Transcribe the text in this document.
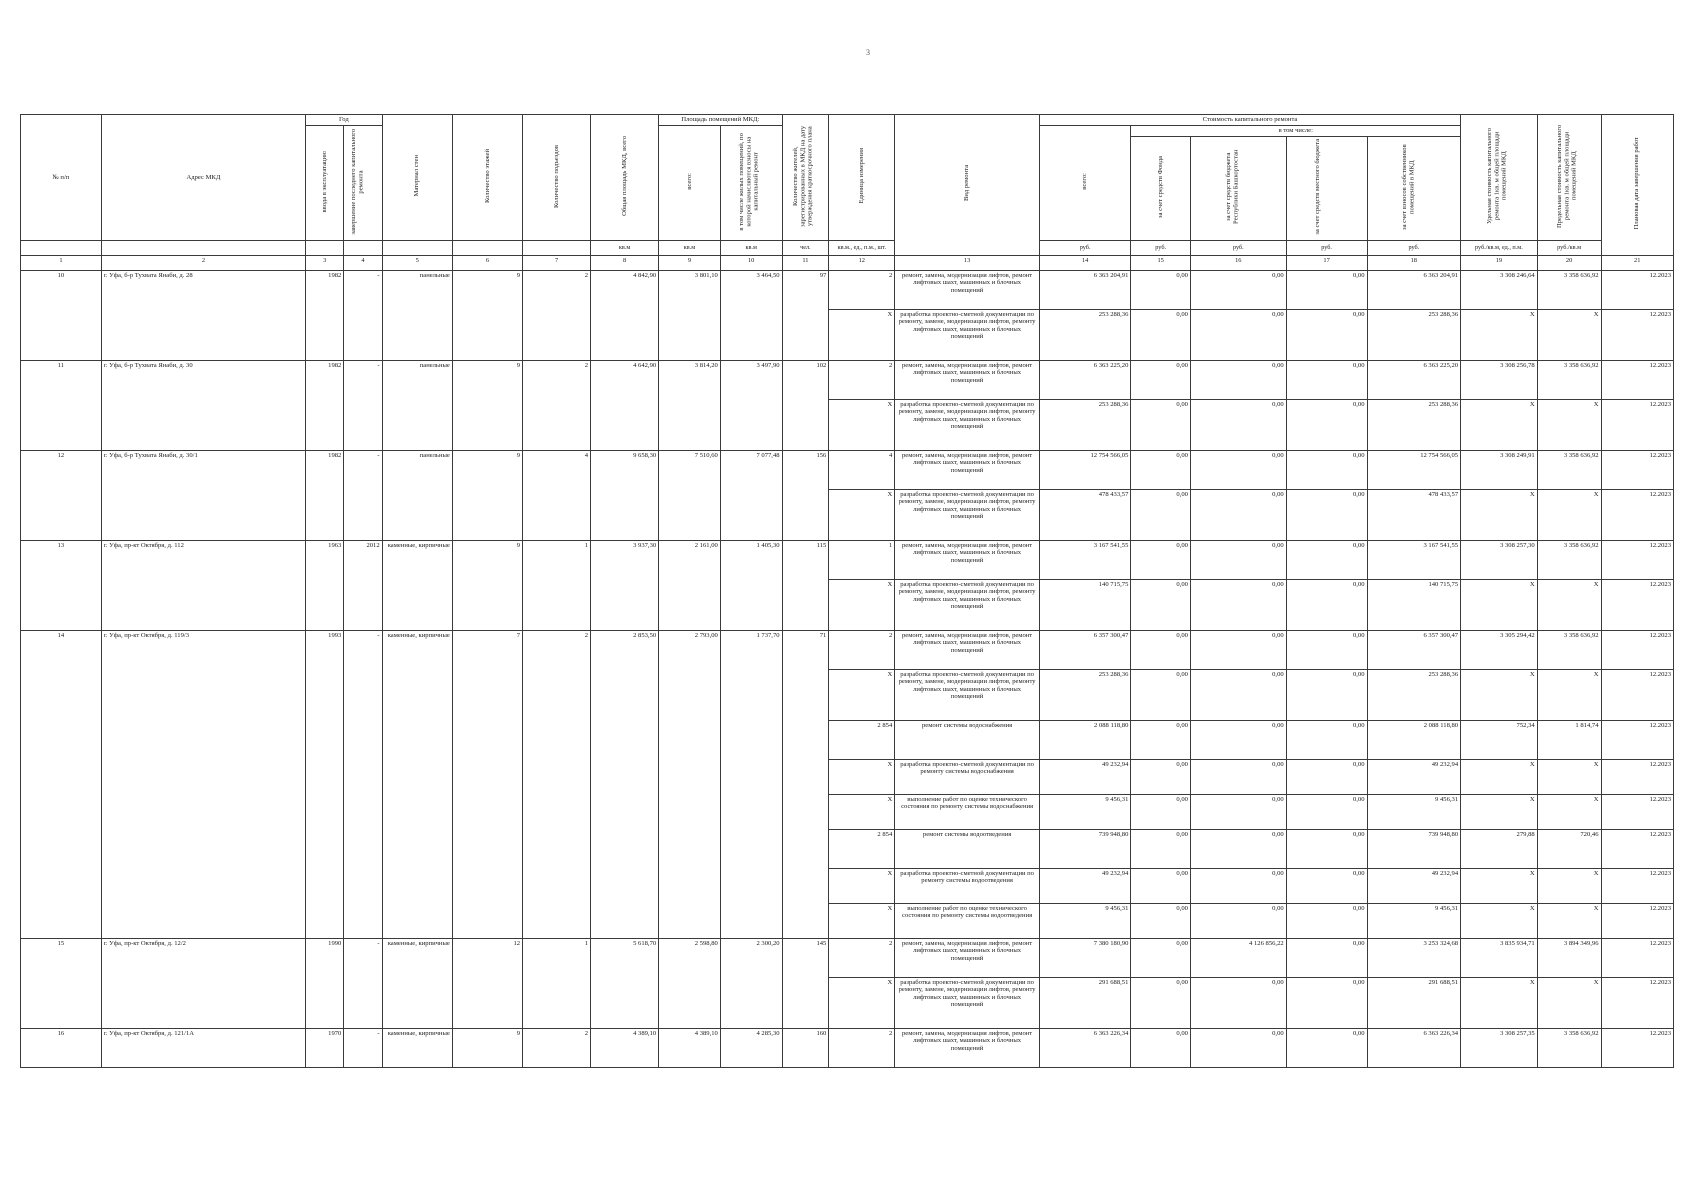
3
№ п/п	Адрес МКД	Год		Материал стен	Количество этажей	Количество подъездов	Общая площадь МКД, всего	Площадь помещений МКД:		Количество жителей, зарегистрированных в МКД на дату утверждения краткосрочного плана	Единица измерения	Вид ремонта	Стоимость капитального ремонта					Удельная стоимость капитального ремонта 1кв. м общей площади помещений МКД	Предельная стоимость капитального ремонта 1кв. м общей площади помещений МКД	Плановая дата завершения работ
		ввода в эксплуатацию	завершение последнего капитального ремонта					всего:	в том числе жилых помещений, по которой начисляются взносы на капитальный ремонт				всего:	в том числе:						
														за счет средств Фонда	за счет средств бюджета Республики Башкортостан	за счет средств местного бюджета	за счет взносов собственников помещений в МКД			
							кв.м	кв.м	кв.м	чел.	кв.м., ед., п.м., шт.		руб.	руб.	руб.	руб.	руб.	руб./кв.м, ед., п.м.	руб./кв.м	
1	2	3	4	5	6	7	8	9	10	11	12	13	14	15	16	17	18	19	20	21
10	г. Уфа, б-р Тухвата Янаби, д. 28	1982	-	панельные	9	2	4 842,90	3 801,10	3 464,50	97	2	ремонт, замена, модернизация лифтов, ремонт лифтовых шахт, машинных и блочных помещений	6 363 204,91	0,00	0,00	0,00	6 363 204,91	3 308 246,64	3 358 636,92	12.2023
											X	разработка проектно-сметной документации по ремонту, замене, модернизации лифтов, ремонту лифтовых шахт, машинных и блочных помещений	253 288,36	0,00	0,00	0,00	253 288,36	X	X	12.2023
11	г. Уфа, б-р Тухвата Янаби, д. 30	1982	-	панельные	9	2	4 642,90	3 814,20	3 497,90	102	2	ремонт, замена, модернизация лифтов, ремонт лифтовых шахт, машинных и блочных помещений	6 363 225,20	0,00	0,00	0,00	6 363 225,20	3 308 256,78	3 358 636,92	12.2023
											X	разработка проектно-сметной документации по ремонту, замене, модернизации лифтов, ремонту лифтовых шахт, машинных и блочных помещений	253 288,36	0,00	0,00	0,00	253 288,36	X	X	12.2023
12	г. Уфа, б-р Тухвата Янаби, д. 30/1	1982	-	панельные	9	4	9 658,30	7 510,60	7 077,48	156	4	ремонт, замена, модернизация лифтов, ремонт лифтовых шахт, машинных и блочных помещений	12 754 566,05	0,00	0,00	0,00	12 754 566,05	3 308 249,91	3 358 636,92	12.2023
											X	разработка проектно-сметной документации по ремонту, замене, модернизации лифтов, ремонту лифтовых шахт, машинных и блочных помещений	478 433,57	0,00	0,00	0,00	478 433,57	X	X	12.2023
13	г. Уфа, пр-кт Октября, д. 112	1963	2012	каменные, кирпичные	9	1	3 937,30	2 161,00	1 405,30	115	1	ремонт, замена, модернизация лифтов, ремонт лифтовых шахт, машинных и блочных помещений	3 167 541,55	0,00	0,00	0,00	3 167 541,55	3 308 257,30	3 358 636,92	12.2023
											X	разработка проектно-сметной документации по ремонту, замене, модернизации лифтов, ремонту лифтовых шахт, машинных и блочных помещений	140 715,75	0,00	0,00	0,00	140 715,75	X	X	12.2023
14	г. Уфа, пр-кт Октября, д. 119/3	1993	-	каменные, кирпичные	7	2	2 853,50	2 793,00	1 737,70	71	2	ремонт, замена, модернизация лифтов, ремонт лифтовых шахт, машинных и блочных помещений	6 357 300,47	0,00	0,00	0,00	6 357 300,47	3 305 294,42	3 358 636,92	12.2023
											X	разработка проектно-сметной документации по ремонту, замене, модернизации лифтов, ремонту лифтовых шахт, машинных и блочных помещений	253 288,36	0,00	0,00	0,00	253 288,36	X	X	12.2023
											2 854	ремонт системы водоснабжения	2 088 118,80	0,00	0,00	0,00	2 088 118,80	752,34	1 814,74	12.2023
											X	разработка проектно-сметной документации по ремонту системы водоснабжения	49 232,94	0,00	0,00	0,00	49 232,94	X	X	12.2023
											X	выполнение работ по оценке технического состояния по ремонту системы водоснабжения	9 456,31	0,00	0,00	0,00	9 456,31	X	X	12.2023
											2 854	ремонт системы водоотведения	739 948,80	0,00	0,00	0,00	739 948,80	279,88	720,46	12.2023
											X	разработка проектно-сметной документации по ремонту системы водоотведения	49 232,94	0,00	0,00	0,00	49 232,94	X	X	12.2023
											X	выполнение работ по оценке технического состояния по ремонту системы водоотведения	9 456,31	0,00	0,00	0,00	9 456,31	X	X	12.2023
15	г. Уфа, пр-кт Октября, д. 12/2	1990	-	каменные, кирпичные	12	1	5 618,70	2 598,80	2 300,20	145	2	ремонт, замена, модернизация лифтов, ремонт лифтовых шахт, машинных и блочных помещений	7 380 180,90	0,00	4 126 856,22	0,00	3 253 324,68	3 835 934,71	3 894 349,96	12.2023
											X	разработка проектно-сметной документации по ремонту, замене, модернизации лифтов, ремонту лифтовых шахт, машинных и блочных помещений	291 688,51	0,00	0,00	0,00	291 688,51	X	X	12.2023
16	г. Уфа, пр-кт Октября, д. 121/1А	1970	-	каменные, кирпичные	9	2	4 389,10	4 389,10	4 285,30	160	2	ремонт, замена, модернизация лифтов, ремонт лифтовых шахт, машинных и блочных помещений	6 363 226,34	0,00	0,00	0,00	6 363 226,34	3 308 257,35	3 358 636,92	12.2023
